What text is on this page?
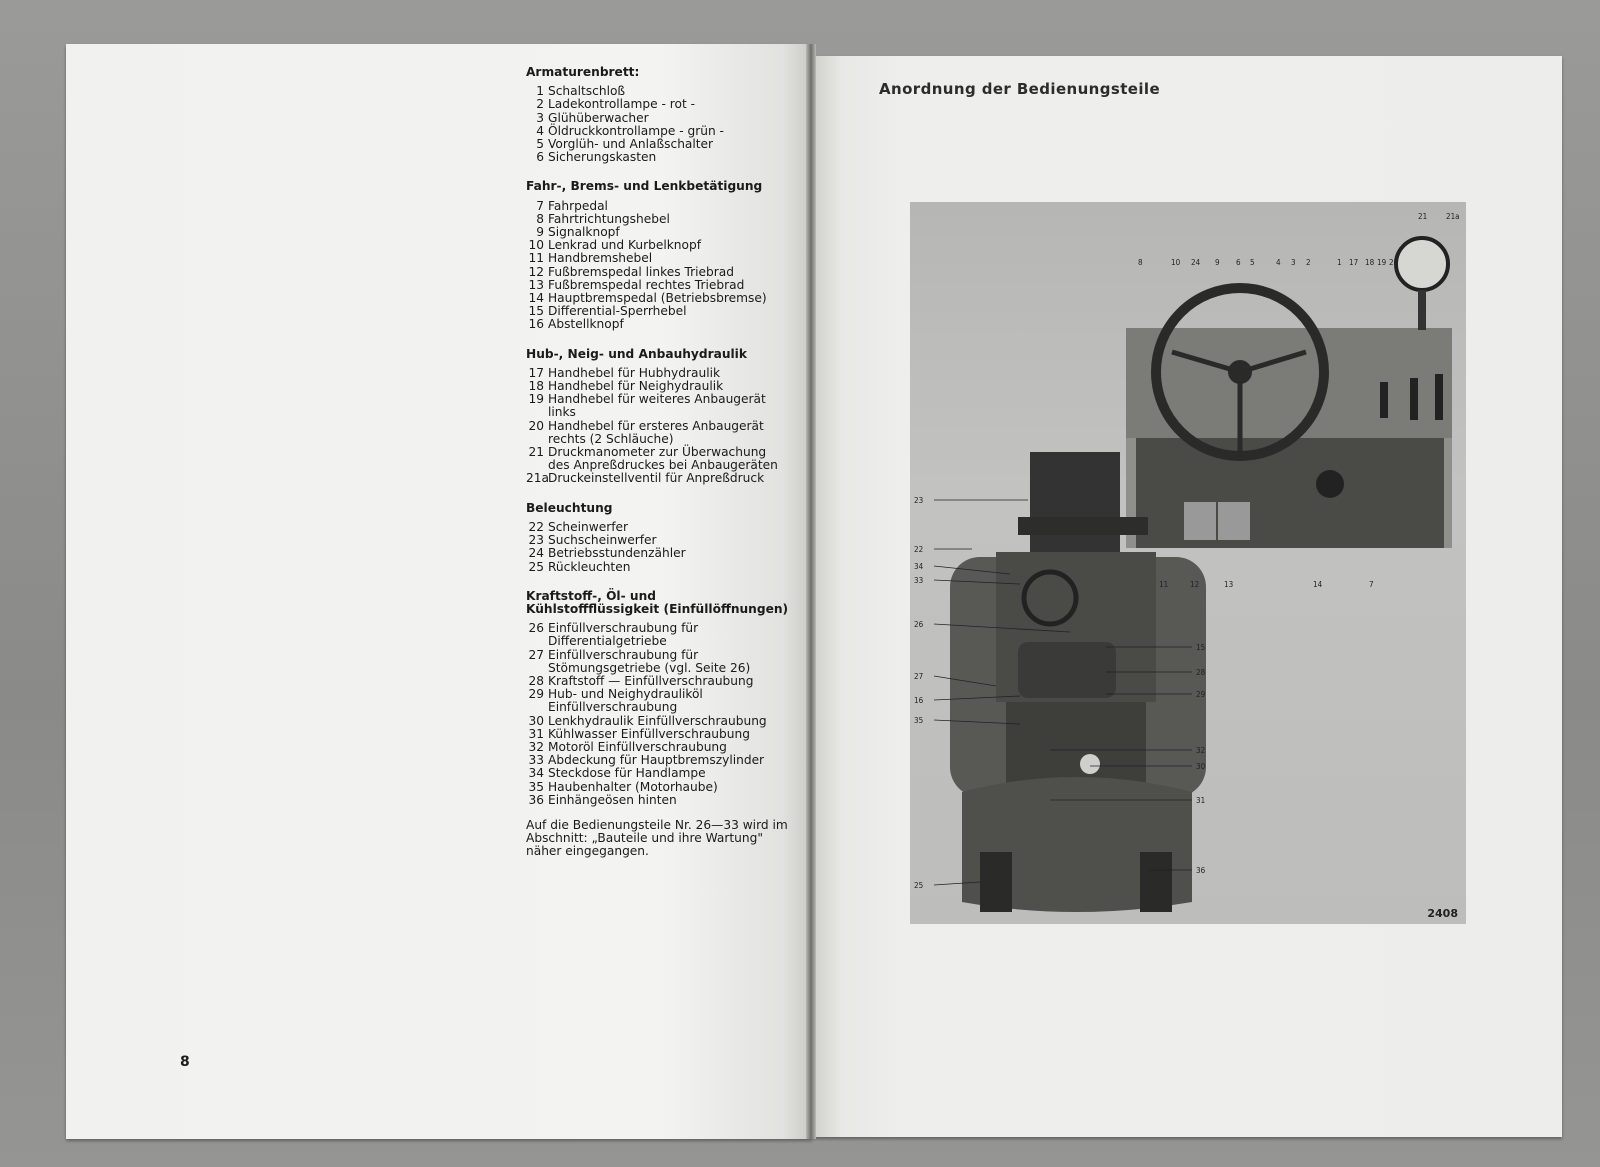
Armaturenbrett:
1 Schaltschloß
2 Ladekontrollampe - rot -
3 Glühüberwacher
4 Öldruckkontrollampe - grün -
5 Vorglüh- und Anlaßschalter
6 Sicherungskasten
Fahr-, Brems- und Lenkbetätigung
7 Fahrpedal
8 Fahrtrichtungshebel
9 Signalknopf
10 Lenkrad und Kurbelknopf
11 Handbremshebel
12 Fußbremspedal linkes Triebrad
13 Fußbremspedal rechtes Triebrad
14 Hauptbremspedal (Betriebsbremse)
15 Differential-Sperrhebel
16 Abstellknopf
Hub-, Neig- und Anbauhydraulik
17 Handhebel für Hubhydraulik
18 Handhebel für Neighydraulik
19 Handhebel für weiteres Anbaugerät links
20 Handhebel für ersteres Anbaugerät rechts (2 Schläuche)
21 Druckmanometer zur Überwachung des Anpreßdruckes bei Anbaugeräten
21a Druckeinstellventil für Anpreßdruck
Beleuchtung
22 Scheinwerfer
23 Suchscheinwerfer
24 Betriebsstundenzähler
25 Rückleuchten
Kraftstoff-, Öl- und Kühlstoffflüssigkeit (Einfüllöffnungen)
26 Einfüllverschraubung für Differentialgetriebe
27 Einfüllverschraubung für Stömungsgetriebe (vgl. Seite 26)
28 Kraftstoff — Einfüllverschraubung
29 Hub- und Neighydrauliköl Einfüllverschraubung
30 Lenkhydraulik Einfüllverschraubung
31 Kühlwasser Einfüllverschraubung
32 Motoröl Einfüllverschraubung
33 Abdeckung für Hauptbremszylinder
34 Steckdose für Handlampe
35 Haubenhalter (Motorhaube)
36 Einhängeösen hinten
Auf die Bedienungsteile Nr. 26—33 wird im Abschnitt: „Bauteile und ihre Wartung" näher eingegangen.
8
Anordnung der Bedienungsteile
23
22
34
33
26
27
16
35
25
15
28
29
32
30
31
36
8	10 24 9 6 5	4 3 2	1 17 18 19 20
21 21a
11	12	13	14	7
2408
